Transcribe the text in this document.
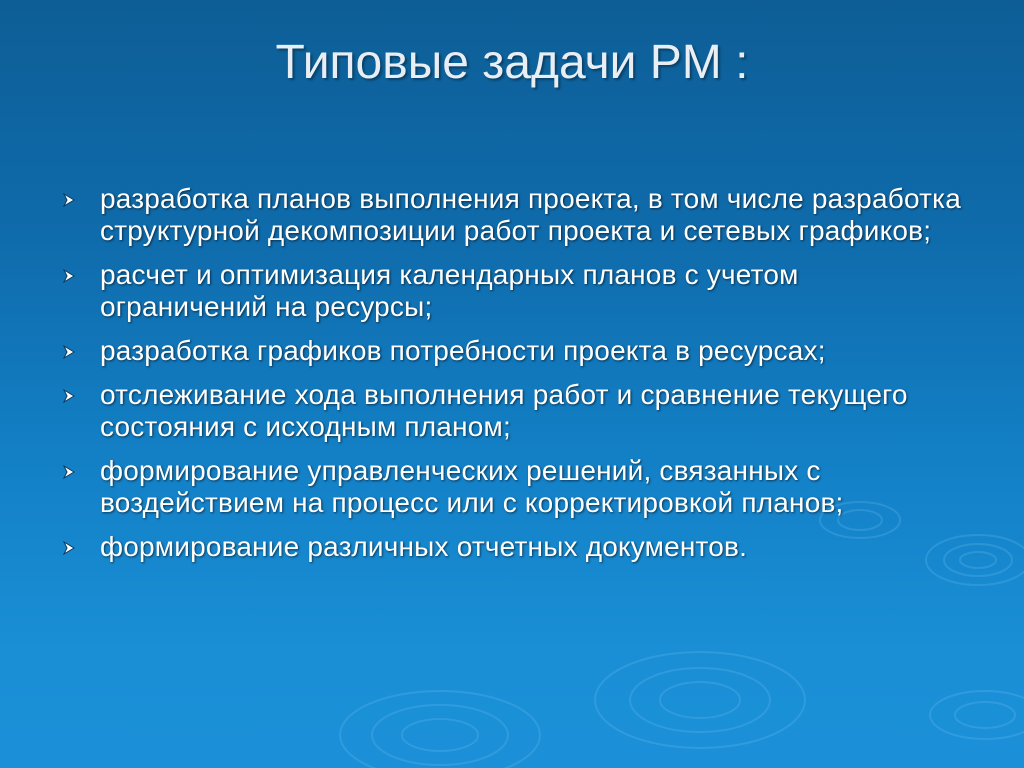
Типовые задачи PM :
разработка планов выполнения проекта, в том числе разработка структурной декомпозиции работ проекта и сетевых графиков;
расчет и оптимизация календарных планов с учетом ограничений на ресурсы;
разработка графиков потребности проекта в ресурсах;
отслеживание хода выполнения работ и сравнение текущего состояния с исходным планом;
формирование управленческих решений, связанных с воздействием на процесс или с корректировкой планов;
формирование различных отчетных документов.
